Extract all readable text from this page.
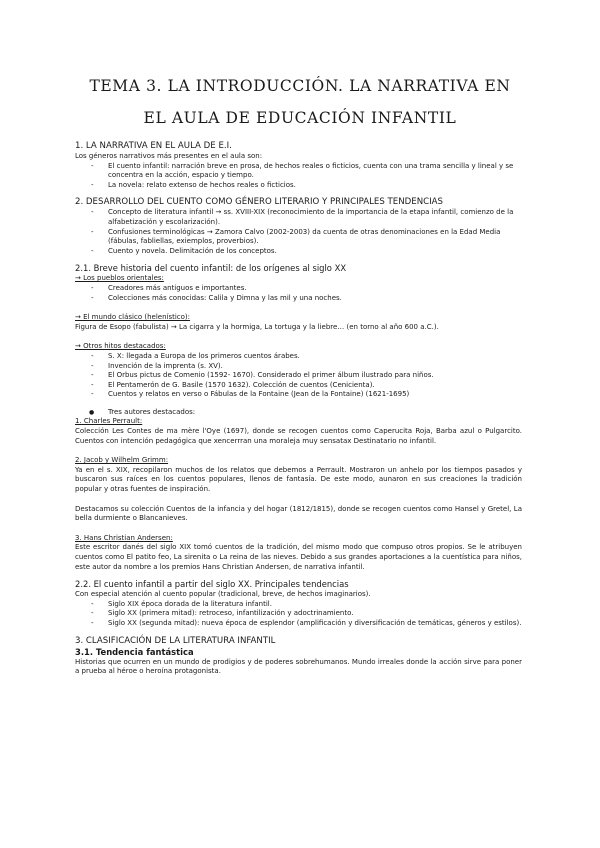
TEMA 3. LA INTRODUCCIÓN. LA NARRATIVA EN
EL AULA DE EDUCACIÓN INFANTIL
1. LA NARRATIVA EN EL AULA DE E.I.

Los géneros narrativos más presentes en el aula son:

- El cuento infantil: narración breve en prosa, de hechos reales o ficticios, cuenta con una trama sencilla y lineal y se concentra en la acción, espacio y tiempo.
- La novela: relato extenso de hechos reales o ficticios.
2. DESARROLLO DEL CUENTO COMO GÉNERO LITERARIO Y PRINCIPALES TENDENCIAS
- Concepto de literatura infantil → ss. XVIII-XIX (reconocimiento de la importancia de la etapa infantil, comienzo de la alfabetización y escolarización).
- Confusiones terminológicas → Zamora Calvo (2002-2003) da cuenta de otras denominaciones en la Edad Media (fábulas, fabliellas, exiemplos, proverbios).
- Cuento y novela. Delimitación de los conceptos.
2.1. Breve historia del cuento infantil: de los orígenes al siglo XX

→ Los pueblos orientales:

- Creadores más antiguos e importantes.
- Colecciones más conocidas: Calila y Dimna y las mil y una noches.

→ El mundo clásico (helenístico):

Figura de Esopo (fabulista) → La cigarra y la hormiga, La tortuga y la liebre… (en torno al año 600 a.C.).

→ Otros hitos destacados:

- S. X: llegada a Europa de los primeros cuentos árabes.
- Invención de la imprenta (s. XV).
- El Orbus pictus de Comenio (1592- 1670). Considerado el primer álbum ilustrado para niños.
- El Pentamerón de G. Basile (1570 1632). Colección de cuentos (Cenicienta).
- Cuentos y relatos en verso o Fábulas de la Fontaine (Jean de la Fontaine) (1621-1695)
● Tres autores destacados:

1. Charles Perrault:

Colección Les Contes de ma mère l'Oye (1697), donde se recogen cuentos como Caperucita Roja, Barba azul o Pulgarcito. Cuentos con intención pedagógica que xencerrran una moraleja muy sensatax Destinatario no infantil.

2. Jacob y Wilhelm Grimm:

Ya en el s. XIX, recopilaron muchos de los relatos que debemos a Perrault. Mostraron un anhelo por los tiempos pasados y buscaron sus raíces en los cuentos populares, llenos de fantasía. De este modo, aunaron en sus creaciones la tradición popular y otras fuentes de inspiración.

Destacamos su colección Cuentos de la infancia y del hogar (1812/1815), donde se recogen cuentos como Hansel y Gretel, La bella durmiente o Blancanieves.

3. Hans Christian Andersen:

Este escritor danés del siglo XIX tomó cuentos de la tradición, del mismo modo que compuso otros propios. Se le atribuyen cuentos como El patito feo, La sirenita o La reina de las nieves. Debido a sus grandes aportaciones a la cuentística para niños, este autor da nombre a los premios Hans Christian Andersen, de narrativa infantil.

2.2. El cuento infantil a partir del siglo XX. Principales tendencias

Con especial atención al cuento popular (tradicional, breve, de hechos imaginarios).

- Siglo XIX época dorada de la literatura infantil.
- Siglo XX (primera mitad): retroceso, infantilización y adoctrinamiento.
- Siglo XX (segunda mitad): nueva época de esplendor (amplificación y diversificación de temáticas, géneros y estilos).
3. CLASIFICACIÓN DE LA LITERATURA INFANTIL
3.1. Tendencia fantástica

Historias que ocurren en un mundo de prodigios y de poderes sobrehumanos. Mundo irreales donde la acción sirve para poner a prueba al héroe o heroína protagonista.
